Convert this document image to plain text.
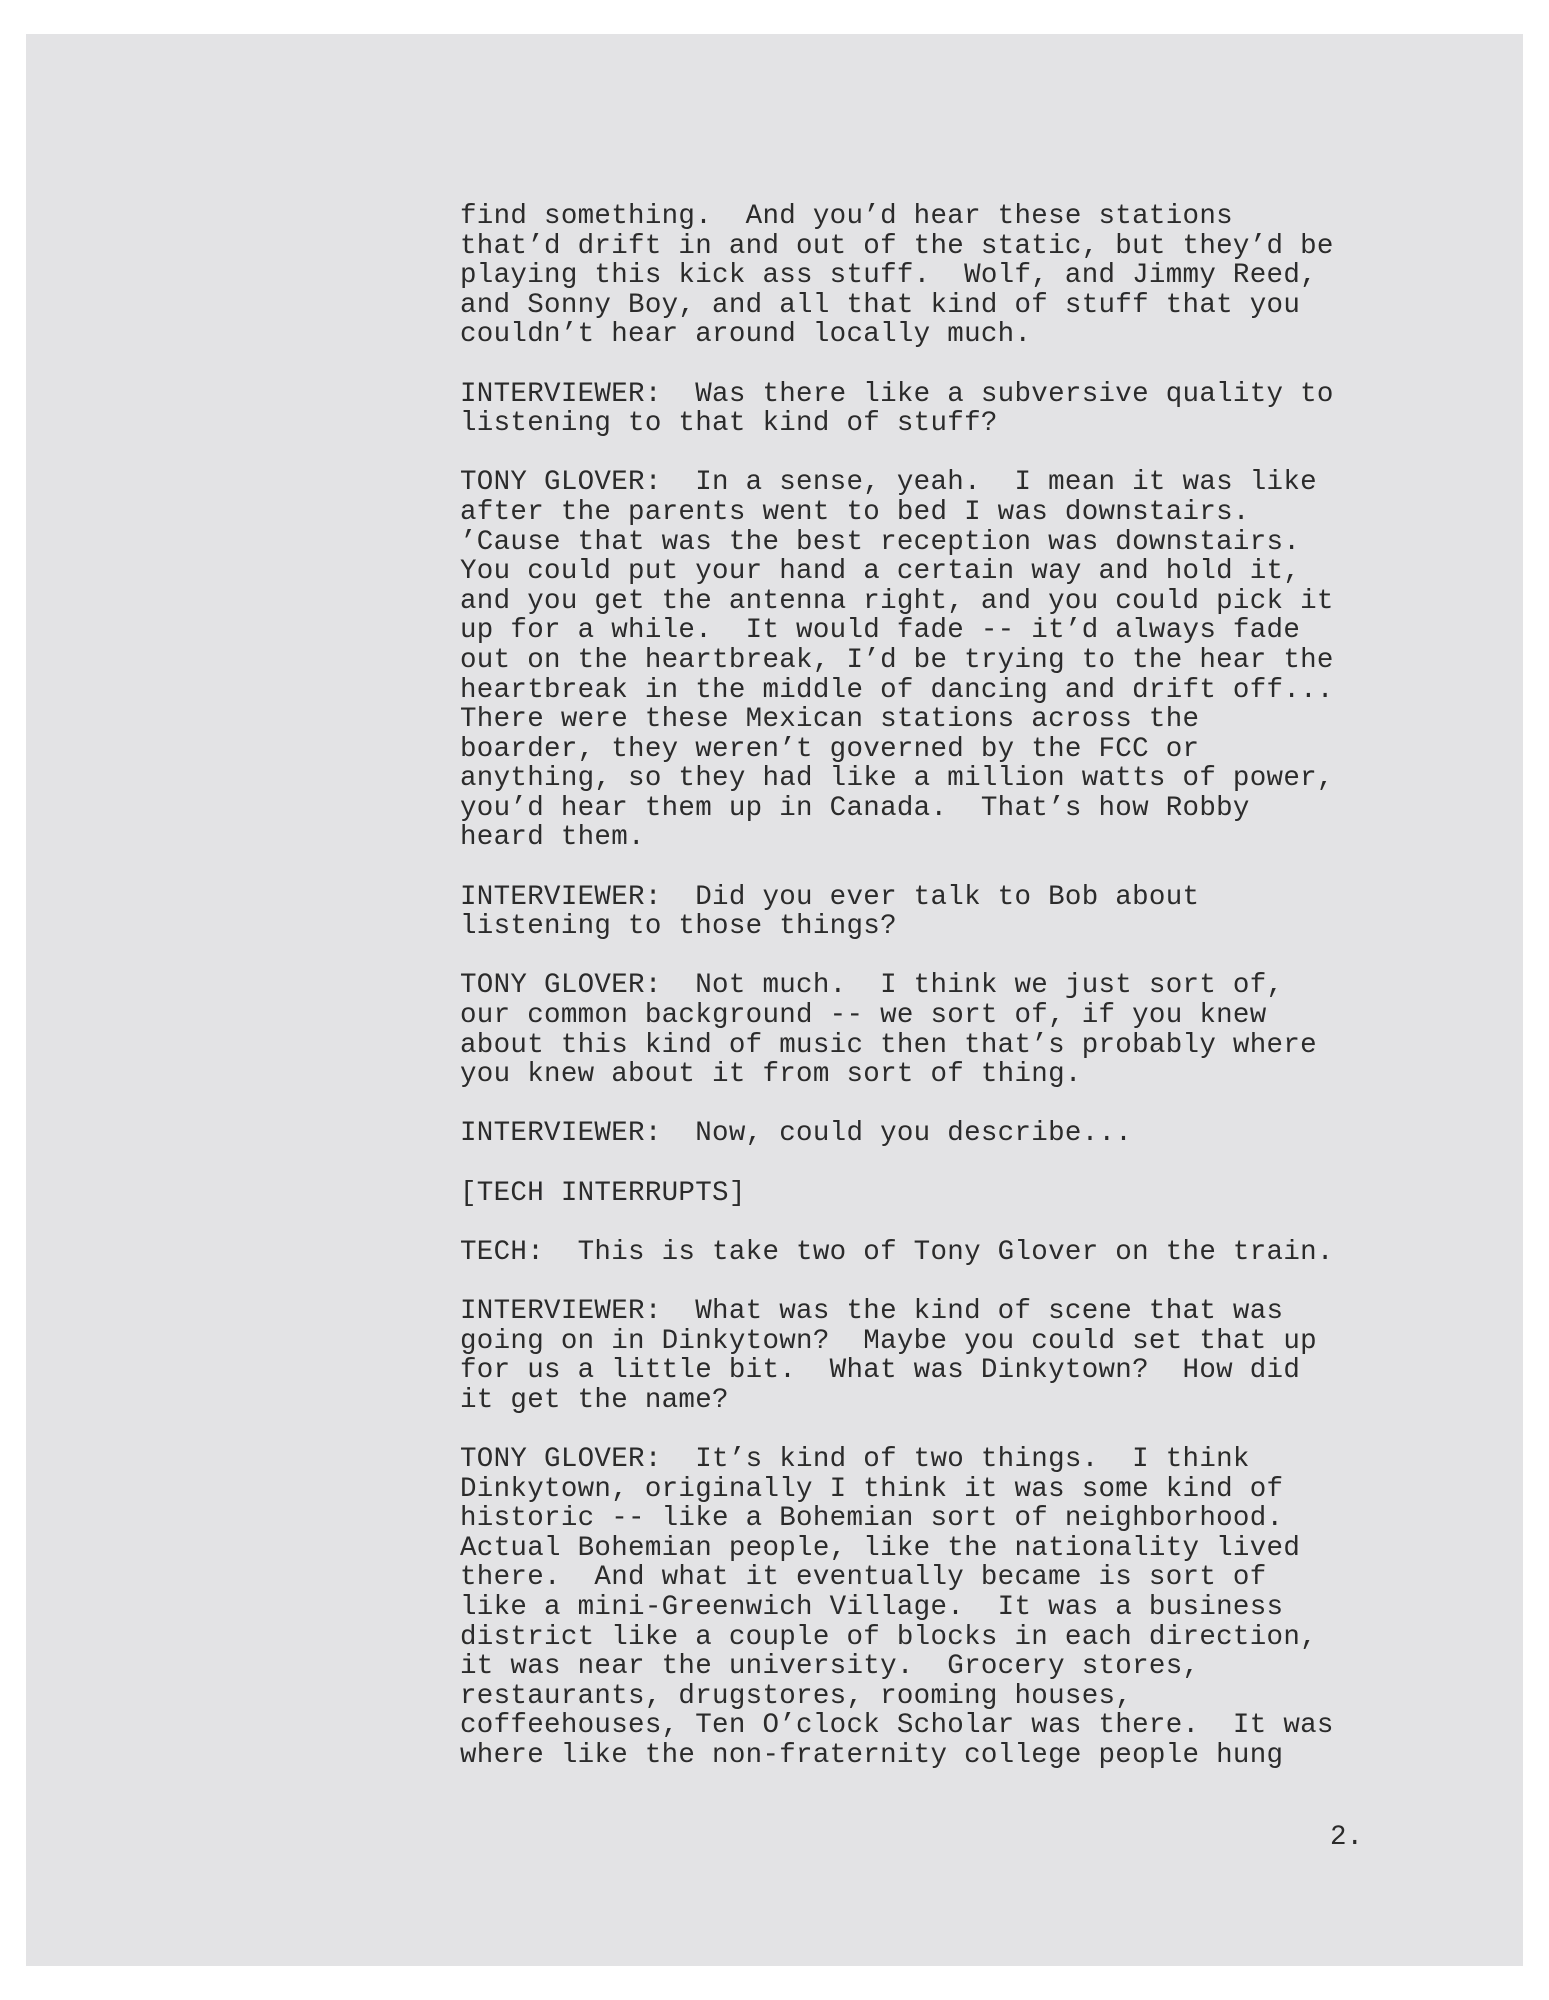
find something.  And you’d hear these stations
that’d drift in and out of the static, but they’d be
playing this kick ass stuff.  Wolf, and Jimmy Reed,
and Sonny Boy, and all that kind of stuff that you
couldn’t hear around locally much.
INTERVIEWER:  Was there like a subversive quality to
listening to that kind of stuff?
TONY GLOVER:  In a sense, yeah.  I mean it was like
after the parents went to bed I was downstairs.
’Cause that was the best reception was downstairs.
You could put your hand a certain way and hold it,
and you get the antenna right, and you could pick it
up for a while.  It would fade -- it’d always fade
out on the heartbreak, I’d be trying to the hear the
heartbreak in the middle of dancing and drift off...
There were these Mexican stations across the
boarder, they weren’t governed by the FCC or
anything, so they had like a million watts of power,
you’d hear them up in Canada.  That’s how Robby
heard them.
INTERVIEWER:  Did you ever talk to Bob about
listening to those things?
TONY GLOVER:  Not much.  I think we just sort of,
our common background -- we sort of, if you knew
about this kind of music then that’s probably where
you knew about it from sort of thing.
INTERVIEWER:  Now, could you describe...
[TECH INTERRUPTS]
TECH:  This is take two of Tony Glover on the train.
INTERVIEWER:  What was the kind of scene that was
going on in Dinkytown?  Maybe you could set that up
for us a little bit.  What was Dinkytown?  How did
it get the name?
TONY GLOVER:  It’s kind of two things.  I think
Dinkytown, originally I think it was some kind of
historic -- like a Bohemian sort of neighborhood.
Actual Bohemian people, like the nationality lived
there.  And what it eventually became is sort of
like a mini-Greenwich Village.  It was a business
district like a couple of blocks in each direction,
it was near the university.  Grocery stores,
restaurants, drugstores, rooming houses,
coffeehouses, Ten O’clock Scholar was there.  It was
where like the non-fraternity college people hung
2.
